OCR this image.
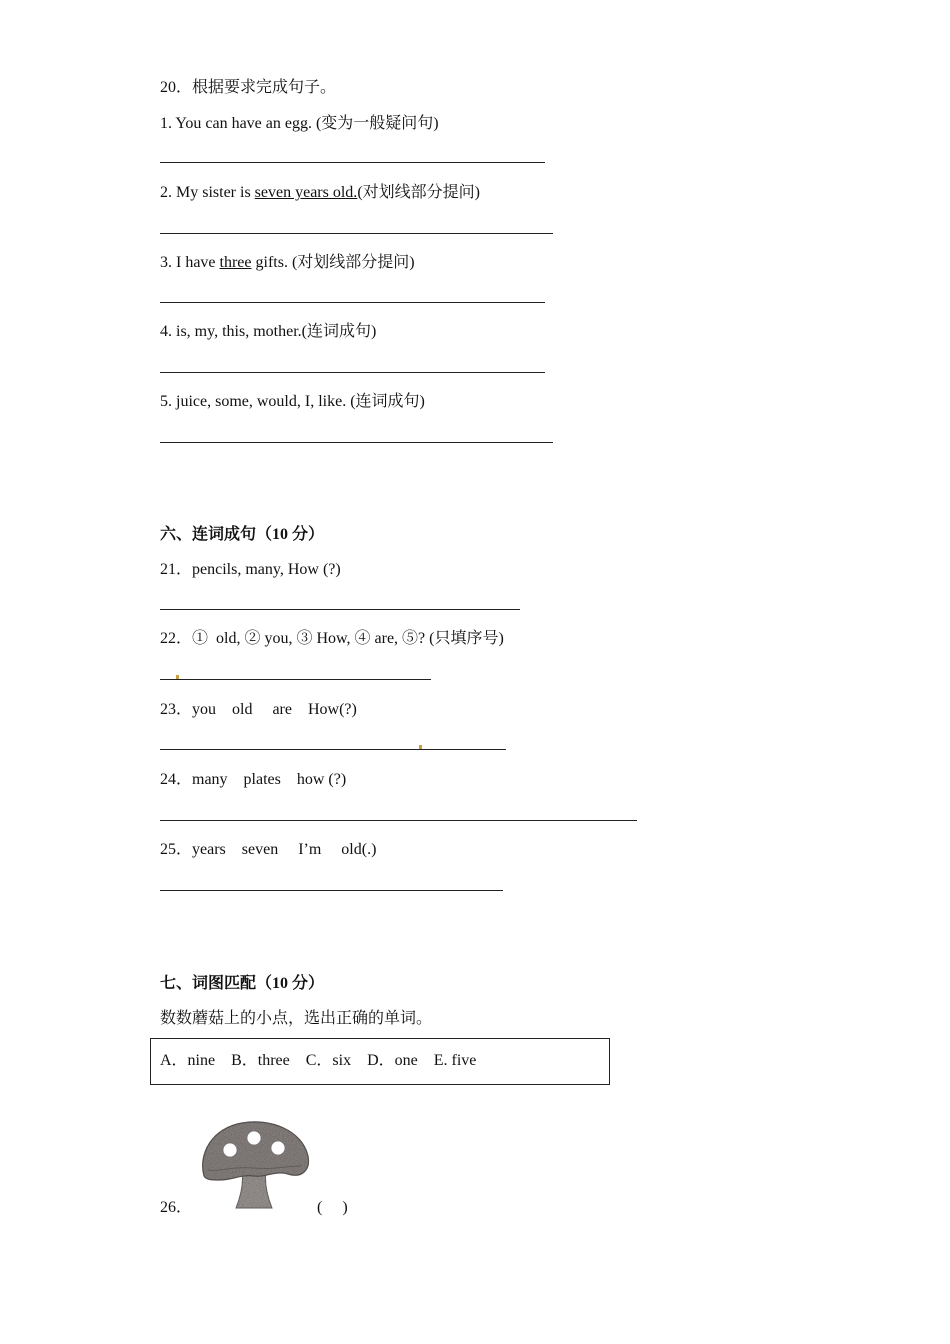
20．根据要求完成句子。
1. You can have an egg. (变为一般疑问句)
2. My sister is seven years old.(对划线部分提问)
3. I have three gifts. (对划线部分提问)
4. is, my, this, mother.(连词成句)
5. juice, some, would, I, like. (连词成句)
六、连词成句（10 分）
21．pencils, many, How (?)
22．①  old, ② you, ③ How, ④ are, ⑤? (只填序号)
23．you    old     are    How(?)
24．many    plates    how (?)
25．years    seven     I’m     old(.)
七、词图匹配（10 分）
数数蘑菇上的小点，选出正确的单词。
A．nine    B．three    C．six    D．one    E. five
26．	(     )
